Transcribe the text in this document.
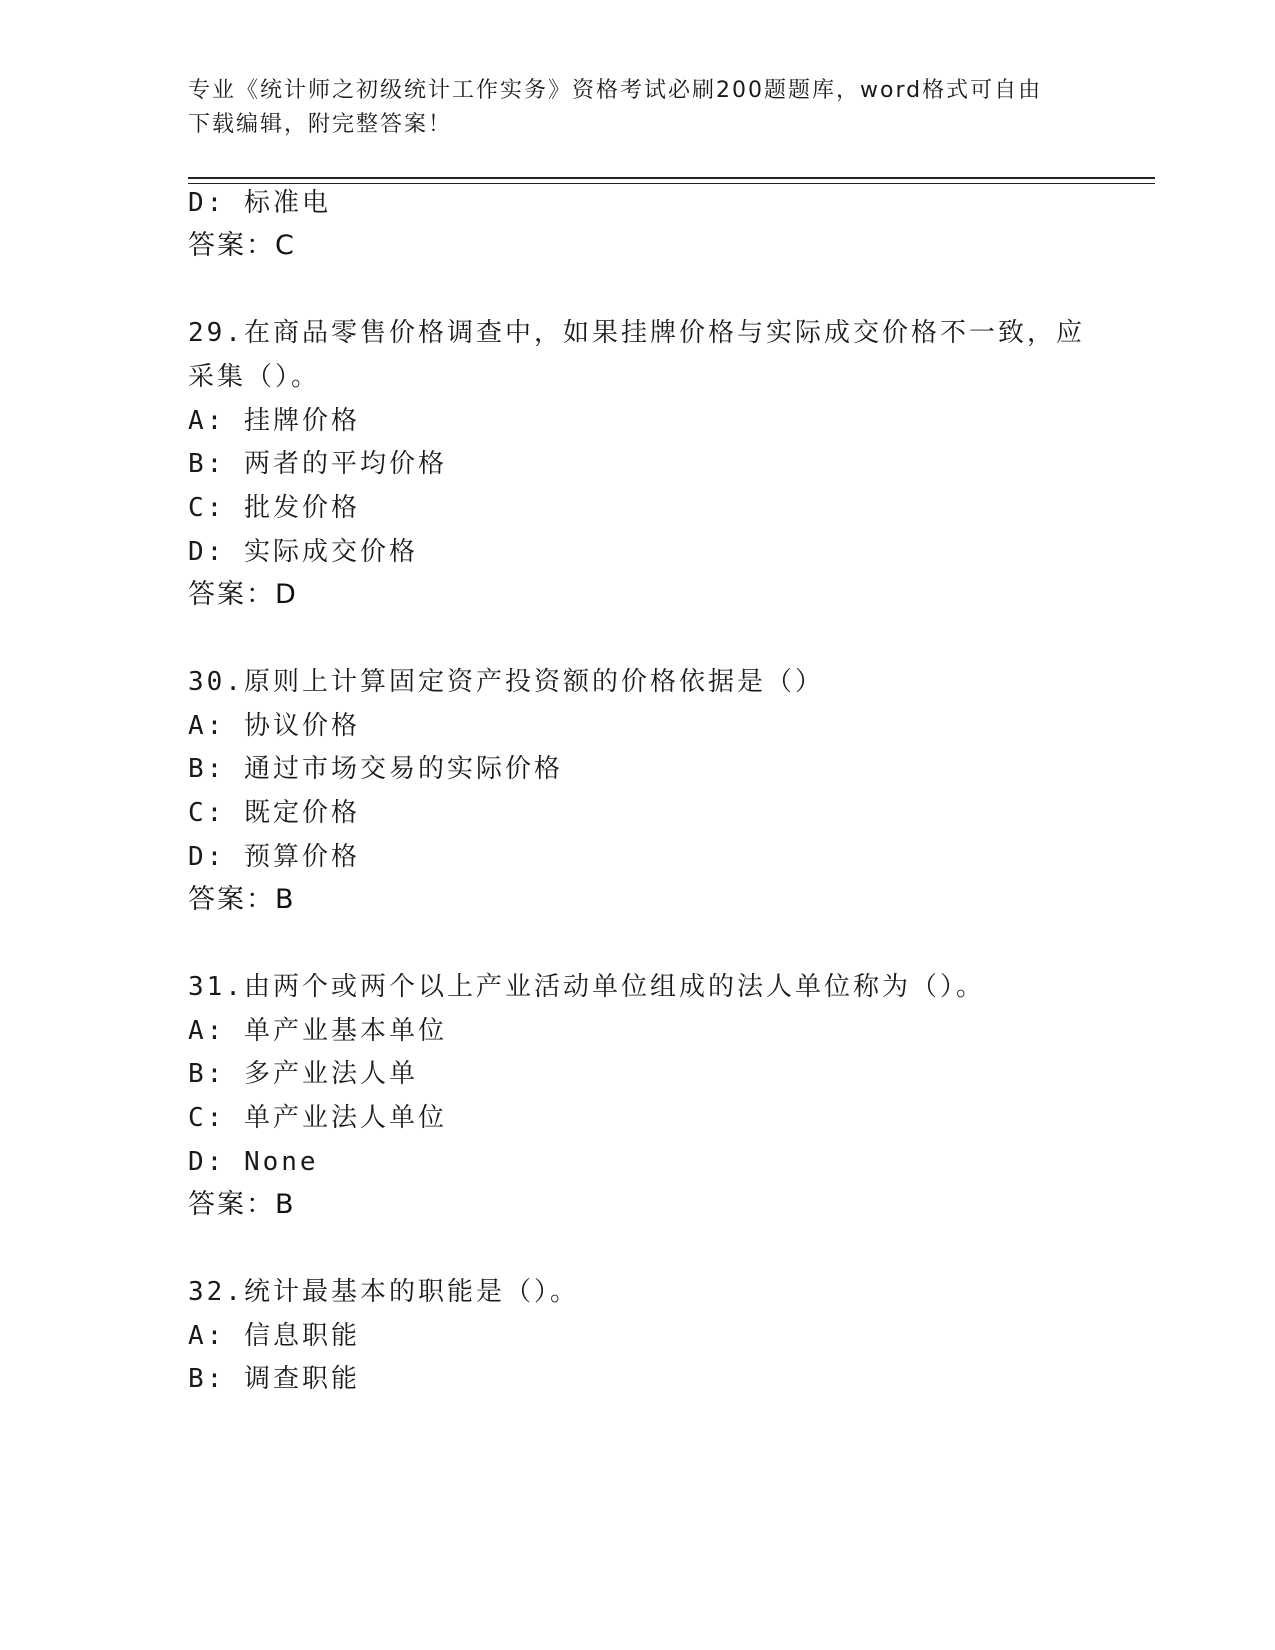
专业《统计师之初级统计工作实务》资格考试必刷200题题库，word格式可自由
下载编辑，附完整答案！
D: 标准电
答案：C
29.在商品零售价格调查中，如果挂牌价格与实际成交价格不一致，应
采集（）。
A: 挂牌价格
B: 两者的平均价格
C: 批发价格
D: 实际成交价格
答案：D
30.原则上计算固定资产投资额的价格依据是（）
A: 协议价格
B: 通过市场交易的实际价格
C: 既定价格
D: 预算价格
答案：B
31.由两个或两个以上产业活动单位组成的法人单位称为（）。
A: 单产业基本单位
B: 多产业法人单
C: 单产业法人单位
D: None
答案：B
32.统计最基本的职能是（）。
A: 信息职能
B: 调查职能
